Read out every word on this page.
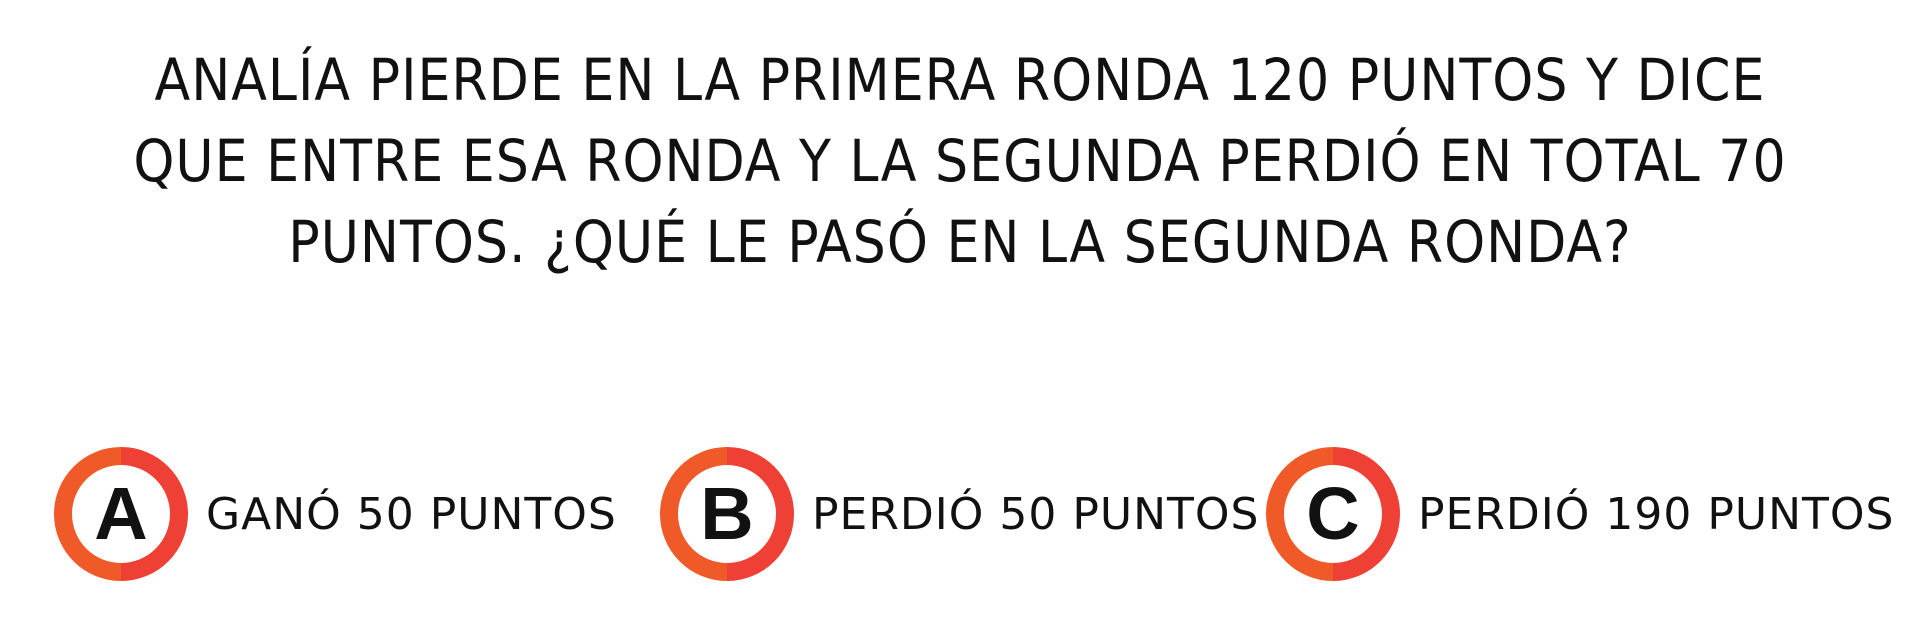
ANALÍA PIERDE EN LA PRIMERA RONDA 120 PUNTOS Y DICE
QUE ENTRE ESA RONDA Y LA SEGUNDA PERDIÓ EN TOTAL 70
PUNTOS. ¿QUÉ LE PASÓ EN LA SEGUNDA RONDA?
A	GANÓ 50 PUNTOS	B	PERDIÓ 50 PUNTOS C	PERDIÓ 190 PUNTOS
